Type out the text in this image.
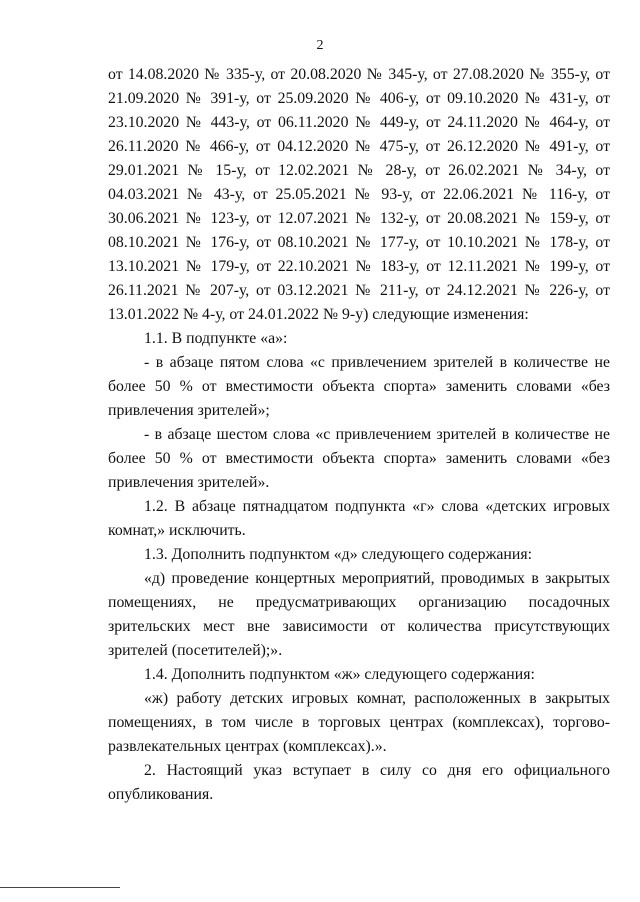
2

от 14.08.2020 № 335-у, от 20.08.2020 № 345-у, от 27.08.2020 № 355-у, от 21.09.2020 № 391-у, от 25.09.2020 № 406-у, от 09.10.2020 № 431-у, от 23.10.2020 № 443-у, от 06.11.2020 № 449-у, от 24.11.2020 № 464-у, от 26.11.2020 № 466-у, от 04.12.2020 № 475-у, от 26.12.2020 № 491-у, от 29.01.2021 № 15-у, от 12.02.2021 № 28-у, от 26.02.2021 № 34-у, от 04.03.2021 № 43-у, от 25.05.2021 № 93-у, от 22.06.2021 № 116-у, от 30.06.2021 № 123-у, от 12.07.2021 № 132-у, от 20.08.2021 № 159-у, от 08.10.2021 № 176-у, от 08.10.2021 № 177-у, от 10.10.2021 № 178-у, от 13.10.2021 № 179-у, от 22.10.2021 № 183-у, от 12.11.2021 № 199-у, от 26.11.2021 № 207-у, от 03.12.2021 № 211-у, от 24.12.2021 № 226-у, от 13.01.2022 № 4-у, от 24.01.2022 № 9-у) следующие изменения:

1.1. В подпункте «а»:

- в абзаце пятом слова «с привлечением зрителей в количестве не более 50 % от вместимости объекта спорта» заменить словами «без привлечения зрителей»;

- в абзаце шестом слова «с привлечением зрителей в количестве не более 50 % от вместимости объекта спорта» заменить словами «без привлечения зрителей».

1.2. В абзаце пятнадцатом подпункта «г» слова «детских игровых комнат,» исключить.

1.3. Дополнить подпунктом «д» следующего содержания:

«д) проведение концертных мероприятий, проводимых в закрытых помещениях, не предусматривающих организацию посадочных зрительских мест вне зависимости от количества присутствующих зрителей (посетителей);».

1.4. Дополнить подпунктом «ж» следующего содержания:

«ж) работу детских игровых комнат, расположенных в закрытых помещениях, в том числе в торговых центрах (комплексах), торгово-развлекательных центрах (комплексах).».

2. Настоящий указ вступает в силу со дня его официального опубликования.
